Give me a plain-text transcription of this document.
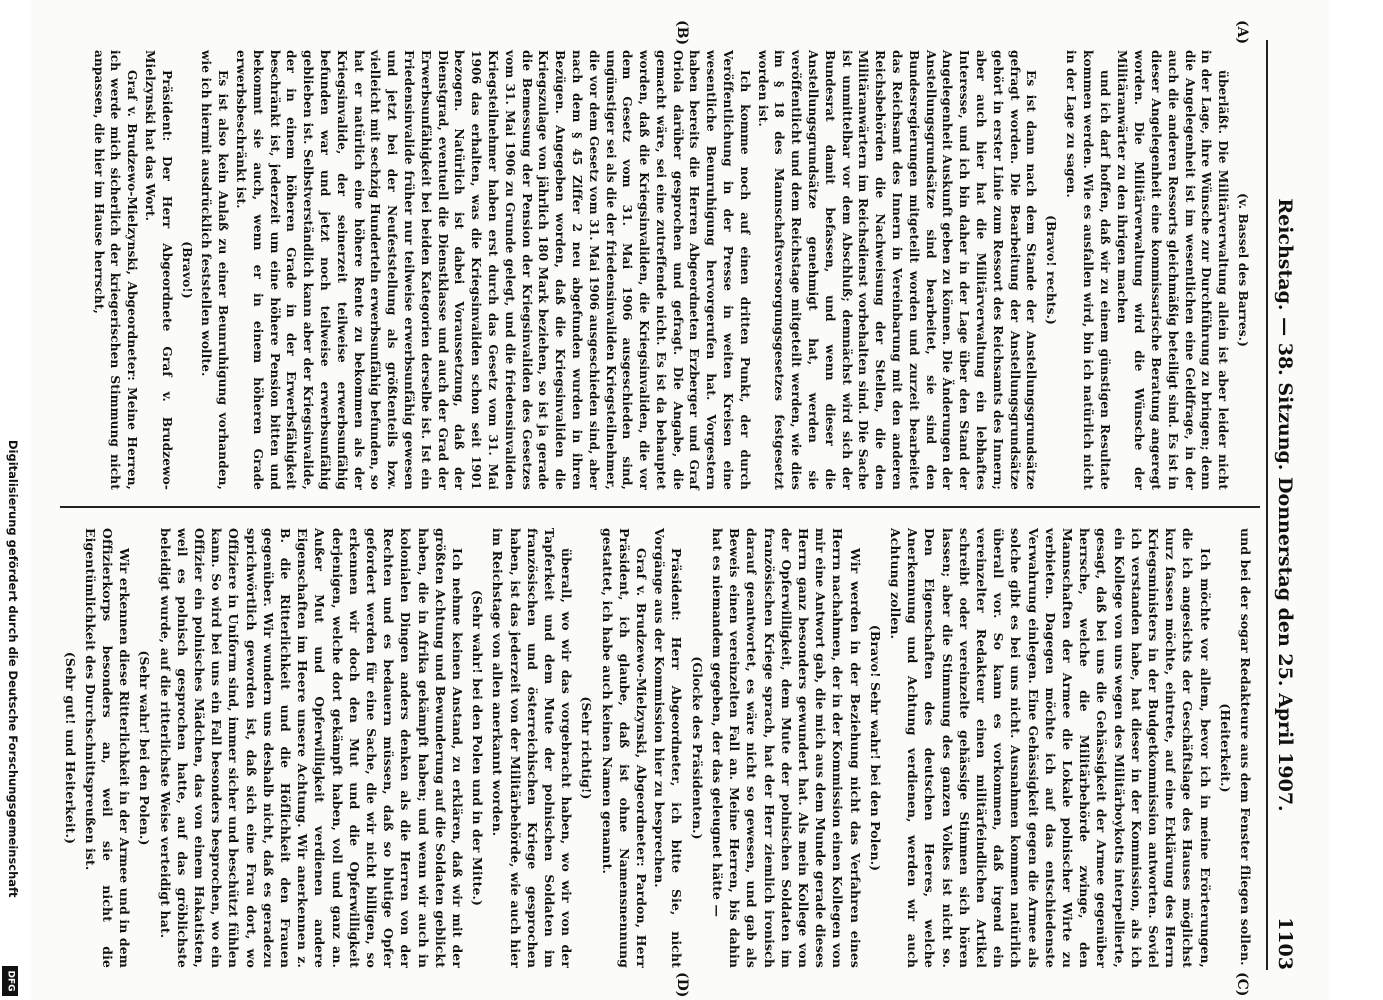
Reichstag. — 38. Sitzung. Donnerstag den 25. April 1907.
1103
(A)
(B)
(C)
(D)

(v. Bassel des Barres.)

überläßt. Die Militärverwaltung allein ist aber leider nicht in der Lage, ihre Wünsche zur Durchführung zu bringen; denn die Angelegenheit ist im wesentlichen eine Geldfrage, in der auch die anderen Ressorts gleichmäßig beteiligt sind. Es ist in dieser Angelegenheit eine kommissarische Beratung angeregt worden. Die Militärverwaltung wird die Wünsche der Militäranwärter zu den ihrigen machen

und ich darf hoffen, daß wir zu einem günstigen Resultate kommen werden. Wie es ausfallen wird, bin ich natürlich nicht in der Lage zu sagen.

(Bravo! rechts.)

Es ist dann nach dem Stande der Anstellungsgrundsätze gefragt worden. Die Bearbeitung der Anstellungsgrundsätze gehört in erster Linie zum Ressort des Reichsamts des Innern; aber auch hier hat die Militärverwaltung ein lebhaftes Interesse, und ich bin daher in der Lage über den Stand der Angelegenheit Auskunft geben zu können. Die Änderungen der Anstellungsgrundsätze sind bearbeitet, sie sind den Bundesregierungen mitgeteilt worden und zurzeit bearbeitet das Reichsamt des Innern in Vereinbarung mit den anderen Reichsbehörden die Nachweisung der Stellen, die den Militäranwärtern im Reichsdienst vorbehalten sind. Die Sache ist unmittelbar vor dem Abschluß; demnächst wird sich der Bundesrat damit befassen, und wenn dieser die Anstellungsgrundsätze genehmigt hat, werden sie veröffentlicht und dem Reichstage mitgeteilt werden, wie dies im § 18 des Mannschaftsversorgungsgesetzes festgesetzt worden ist.

Ich komme noch auf einen dritten Punkt, der durch Veröffentlichung in der Presse in weiten Kreisen eine wesentliche Beunruhigung hervorgerufen hat. Vorgestern haben bereits die Herren Abgeordneten Erzberger und Graf Oriola darüber gesprochen und gefragt. Die Angabe, die gemacht wäre, sei eine zutreffende nicht. Es ist da behauptet worden, daß die Kriegsinvaliden, die Kriegsinvaliden, die vor dem Gesetz vom 31. Mai 1906 ausgeschieden sind, ungünstiger sei als die der friedensinvaliden Kriegsteilnehmer, die vor dem Gesetz vom 31. Mai 1906 ausgeschieden sind, aber nach dem § 45 Ziffer 2 neu abgefunden wurden in ihren Bezügen. Angegeben worden, daß die Kriegsinvaliden die Kriegszulage von jährlich 180 Mark beziehen, so ist ja gerade die Bemessung der Pension der Kriegsinvaliden des Gesetzes vom 31. Mai 1906 zu Grunde gelegt, und die friedensinvaliden Kriegsteilnehmer haben erst durch das Gesetz vom 31. Mai 1906 das erhalten, was die Kriegsinvaliden schon seit 1901 bezogen. Natürlich ist dabei Voraussetzung, daß der Dienstgrad, eventuell die Dienstklasse und auch der Grad der Erwerbsunfähigkeit bei beiden Kategorien derselbe ist. Ist ein Friedensinvalide früher nur teilweise erwerbsunfähig gewesen und jetzt bei der Neufeststellung als größtenteils bzw. vielleicht mit sechzig Hunderteln erwerbsunfähig befunden, so hat er natürlich eine höhere Rente zu bekommen als der Kriegsinvalide, der seinerzeit teilweise erwerbsunfähig befunden war und jetzt noch teilweise erwerbsunfähig geblieben ist. Selbstverständlich kann aber der Kriegsinvalide, der in einem höheren Grade in der Erwerbsfähigkeit beschränkt ist, jederzeit um eine höhere Pension bitten und bekommt sie auch, wenn er in einem höheren Grade erwerbsbeschränkt ist.

Es ist also kein Anlaß zu einer Beunruhigung vorhanden, wie ich hiermit ausdrücklich feststellen wollte.

(Bravo!)

Präsident: Der Herr Abgeordnete Graf v. Brudzewo-Mielzynski hat das Wort.

Graf v. Brudzewo-Mielzynski, Abgeordneter: Meine Herren, ich werde mich sicherlich der kriegerischen Stimmung nicht anpassen, die hier im Hause herrscht,

und bei der sogar Redakteure aus dem Fenster fliegen sollen.

(Heiterkeit.)

Ich möchte vor allem, bevor ich in meine Erörterungen, die ich angesichts der Geschäftslage des Hauses möglichst kurz fassen möchte, eintrete, auf eine Erklärung des Herrn Kriegsministers in der Budgetkommission antworten. Soviel ich verstanden habe, hat dieser in der Kommission, als ich ein Kollege von uns wegen des Militärboykotts interpellierte, gesagt, daß bei uns die Gehässigkeit der Armee gegenüber herrsche, welche die Militärbehörde zwinge, den Mannschaften der Armee die Lokale polnischer Wirte zu verbieten. Dagegen möchte ich auf das entschiedenste Verwahrung einlegen. Eine Gehässigkeit gegen die Armee als solche gibt es bei uns nicht. Ausnahmen kommen natürlich überall vor. So kann es vorkommen, daß irgend ein vereinzelter Redakteur einen militärfeindlichen Artikel schreibt oder vereinzelte gehässige Stimmen sich hören lassen; aber die Stimmung des ganzen Volkes ist nicht so. Den Eigenschaften des deutschen Heeres, welche Anerkennung und Achtung verdienen, werden wir auch Achtung zollen.

(Bravo! Sehr wahr! bei den Polen.)

Wir werden in der Beziehung nicht das Verfahren eines Herrn nachahmen, der in der Kommission einen Kollegen von mir eine Antwort gab, die mich aus dem Munde gerade dieses Herrn ganz besonders gewundert hat. Als mein Kollege von der Opferwilligkeit, dem Mute der polnischen Soldaten im französischen Kriege sprach, hat der Herr ziemlich ironisch darauf geantwortet, es wäre nicht so gewesen, und gab als Beweis einen vereinzelten Fall an. Meine Herren, bis dahin hat es niemandem gegeben, der das geleugnet hätte —

(Glocke des Präsidenten.)

Präsident: Herr Abgeordneter, ich bitte Sie, nicht Vorgänge aus der Kommission hier zu besprechen.

Graf v. Brudzewo-Mielzynski, Abgeordneter: Pardon, Herr Präsident, ich glaube, daß ist ohne Namensnennung gestattet, ich habe auch keinen Namen genannt.

(Sehr richtig!)

überall, wo wir das vorgebracht haben, wo wir von der Tapferkeit und dem Mute der polnischen Soldaten im französischen und österreichischen Kriege gesprochen haben, ist das jederzeit von der Militärbehörde, wie auch hier im Reichstage von allen anerkannt worden.

(Sehr wahr! bei den Polen und in der Mitte.)

Ich nehme keinen Anstand, zu erklären, daß wir mit der größten Achtung und Bewunderung auf die Soldaten geblickt haben, die in Afrika gekämpft haben; und wenn wir auch in kolonialen Dingen anders denken als die Herren von der Rechten und es bedauern müssen, daß so blutige Opfer gefordert werden für eine Sache, die wir nicht billigen, so erkennen wir doch den Mut und die Opferwilligkeit derjenigen, welche dort gekämpft haben, voll und ganz an. Außer Mut und Opferwilligkeit verdienen andere Eigenschaften im Heere unsere Achtung. Wir anerkennen z. B. die Ritterlichkeit und die Höflichkeit den Frauen gegenüber. Wir wundern uns deshalb nicht, daß es geradezu sprichwörtlich geworden ist, daß sich eine Frau dort, wo Offiziere in Uniform sind, immer sicher und beschützt fühlen kann. So wird bei uns ein Fall besonders besprochen, wo ein Offizier ein polnisches Mädchen, das von einem Hakatisten, weil es polnisch gesprochen hatte, auf das gröblichste beleidigt wurde, auf die ritterlichste Weise verteidigt hat.

(Sehr wahr! bei den Polen.)

Wir erkennen diese Ritterlichkeit in der Armee und in dem Offizierkorps besonders an, weil sie nicht die Eigentümlichkeit des Durchschnittspreußen ist.

(Sehr gut! und Heiterkeit.)

Digitalisierung gefördert durch die Deutsche Forschungsgemeinschaft
DFG
